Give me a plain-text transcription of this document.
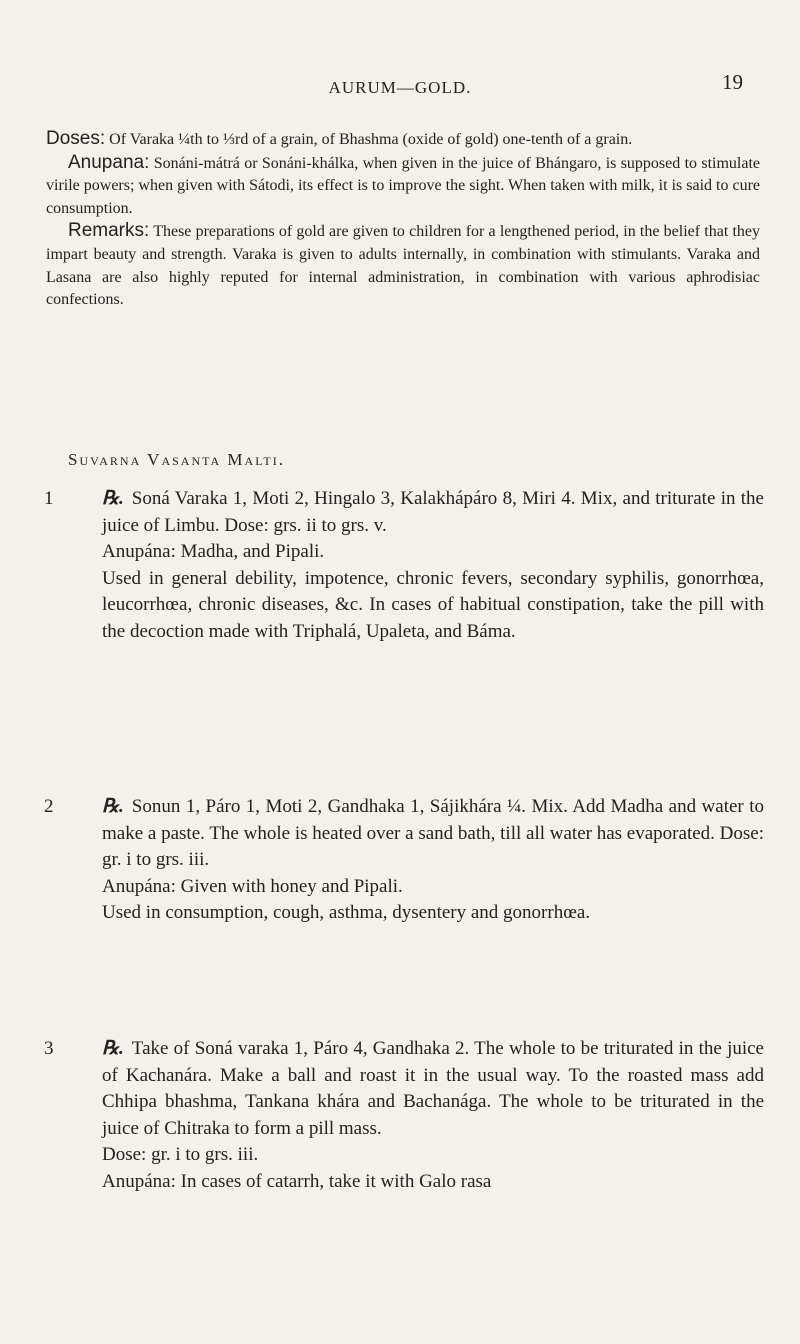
AURUM—GOLD.	19

Doses: Of Varaka ¼th to ⅓rd of a grain, of Bhashma (oxide of gold) one-tenth of a grain.

Anupana: Sonáni-mátrá or Sonáni-khálka, when given in the juice of Bhángaro, is supposed to stimulate virile powers; when given with Sátodi, its effect is to improve the sight. When taken with milk, it is said to cure consumption.

Remarks: These preparations of gold are given to children for a lengthened period, in the belief that they impart beauty and strength. Varaka is given to adults internally, in combination with stimulants. Varaka and Lasana are also highly reputed for internal administration, in combination with various aphrodisiac confections.

Suvarna Vasanta Malti.
1	℞. Soná Varaka 1, Moti 2, Hingalo 3, Kalakhápáro 8, Miri 4. Mix, and triturate in the juice of Limbu. Dose: grs. ii to grs. v.

Anupána: Madha, and Pipali.

Used in general debility, impotence, chronic fevers, secondary syphilis, gonorrhœa, leucorrhœa, chronic diseases, &c. In cases of habitual constipation, take the pill with the decoction made with Triphalá, Upaleta, and Báma.

2	℞. Sonun 1, Páro 1, Moti 2, Gandhaka 1, Sájikhára ¼. Mix. Add Madha and water to make a paste. The whole is heated over a sand bath, till all water has evaporated. Dose: gr. i to grs. iii.

Anupána: Given with honey and Pipali.

Used in consumption, cough, asthma, dysentery and gonorrhœa.

3	℞. Take of Soná varaka 1, Páro 4, Gandhaka 2. The whole to be triturated in the juice of Kachanára. Make a ball and roast it in the usual way. To the roasted mass add Chhipa bhashma, Tankana khára and Bachanága. The whole to be triturated in the juice of Chitraka to form a pill mass.

Dose: gr. i to grs. iii.

Anupána: In cases of catarrh, take it with Galo rasa
